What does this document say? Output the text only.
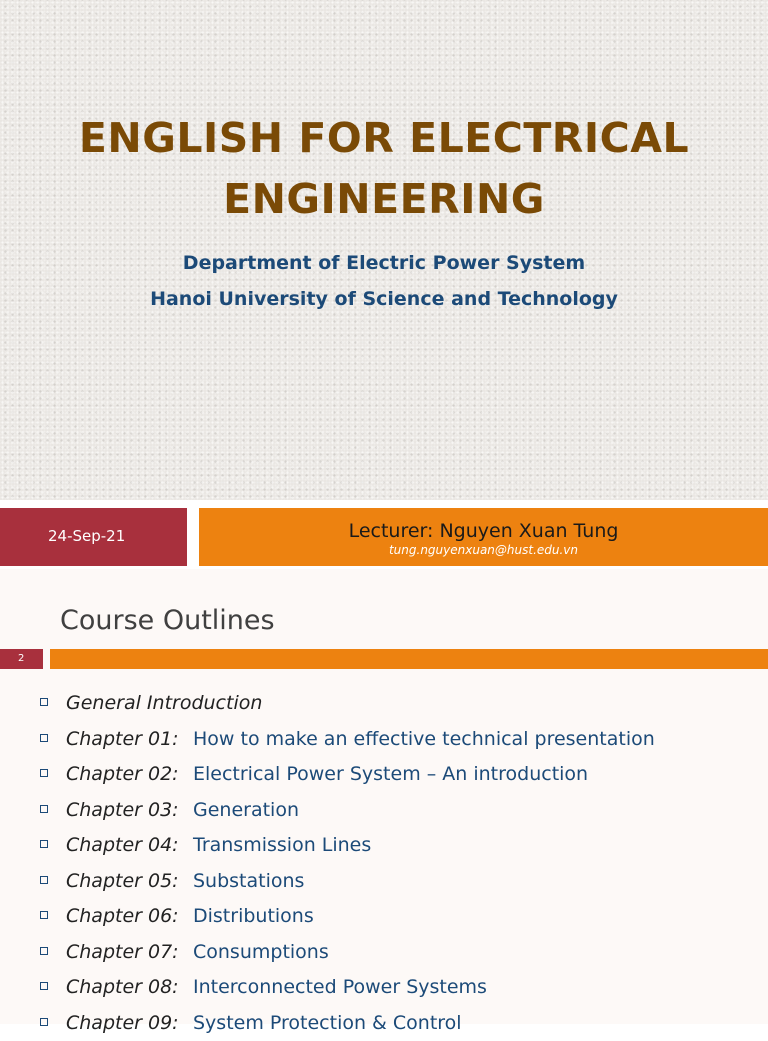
ENGLISH FOR ELECTRICAL
ENGINEERING
Department of Electric Power System
Hanoi University of Science and Technology
24-Sep-21	Lecturer: Nguyen Xuan Tung
tung.nguyenxuan@hust.edu.vn
Course Outlines
2
General Introduction
Chapter 01: How to make an effective technical presentation
Chapter 02: Electrical Power System – An introduction
Chapter 03: Generation
Chapter 04: Transmission Lines
Chapter 05: Substations
Chapter 06: Distributions
Chapter 07: Consumptions
Chapter 08: Interconnected Power Systems
Chapter 09: System Protection & Control
